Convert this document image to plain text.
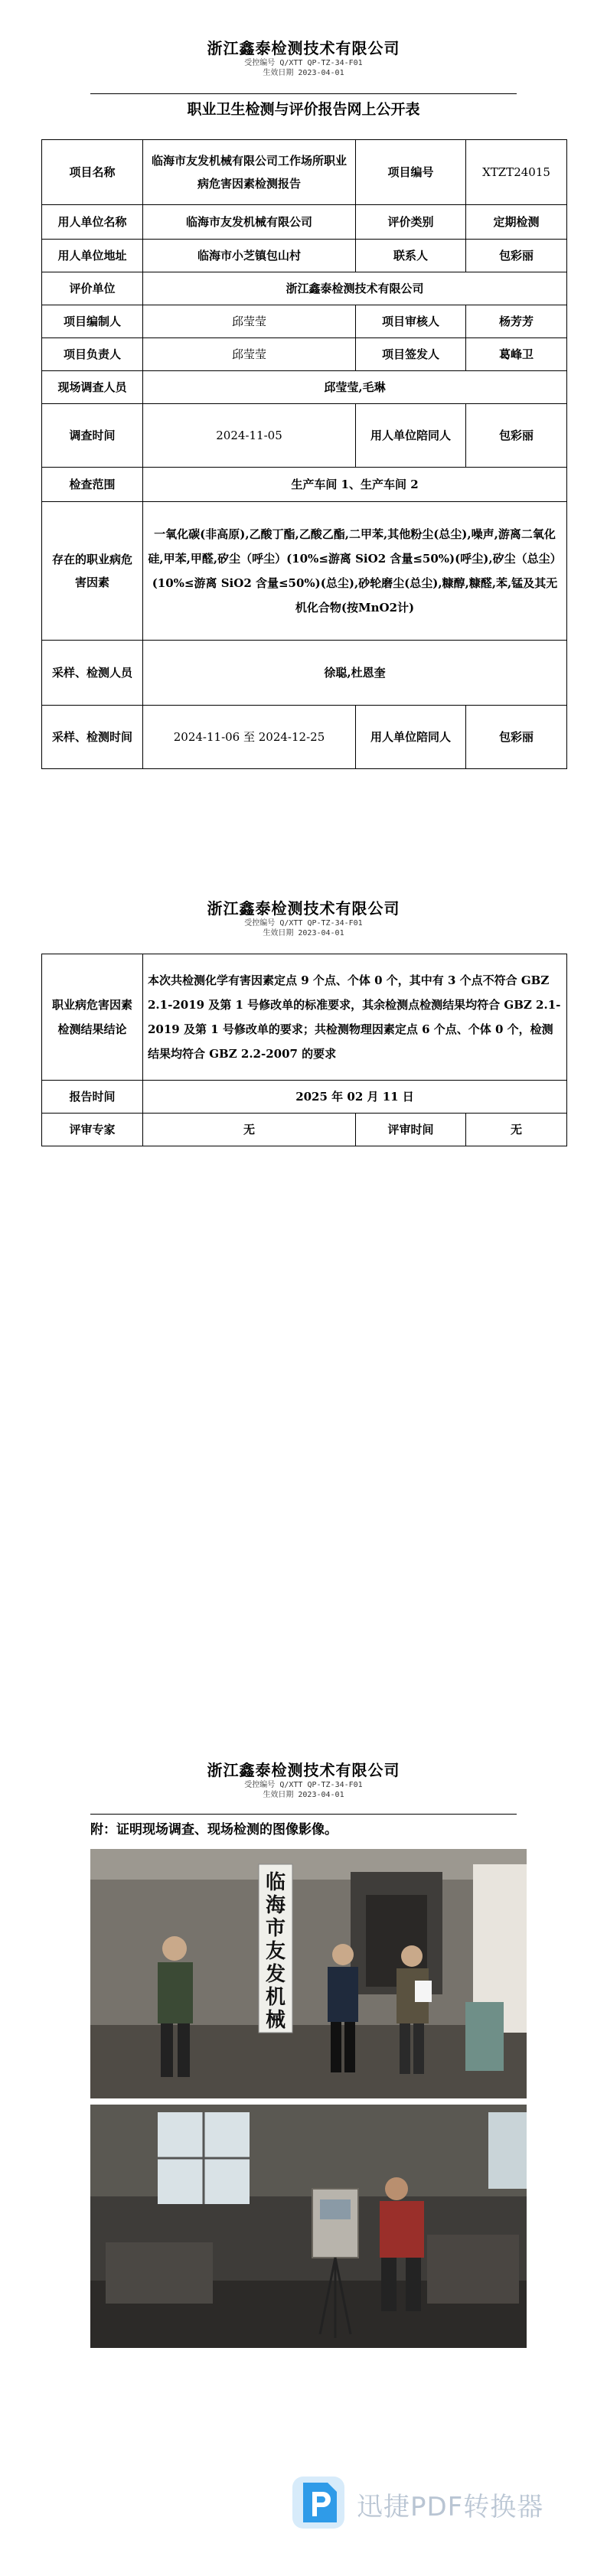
浙江鑫泰检测技术有限公司
受控编号 Q/XTT QP-TZ-34-F01
生效日期 2023-04-01
职业卫生检测与评价报告网上公开表
项目名称	临海市友发机械有限公司工作场所职业病危害因素检测报告	项目编号	XTZT24015
用人单位名称	临海市友发机械有限公司	评价类别	定期检测
用人单位地址	临海市小芝镇包山村	联系人	包彩丽
评价单位	浙江鑫泰检测技术有限公司		
项目编制人	邱莹莹	项目审核人	杨芳芳
项目负责人	邱莹莹	项目签发人	葛峰卫
现场调查人员	邱莹莹,毛琳		
调查时间	2024-11-05	用人单位陪同人	包彩丽
检查范围	生产车间 1、生产车间 2		
存在的职业病危害因素	一氧化碳(非高原),乙酸丁酯,乙酸乙酯,二甲苯,其他粉尘(总尘),噪声,游离二氧化硅,甲苯,甲醛,矽尘（呼尘）(10%≤游离 SiO2 含量≤50%)(呼尘),矽尘（总尘）(10%≤游离 SiO2 含量≤50%)(总尘),砂轮磨尘(总尘),糠醇,糠醛,苯,锰及其无机化合物(按MnO2计)		
采样、检测人员	徐聪,杜恩奎		
采样、检测时间	2024-11-06 至 2024-12-25	用人单位陪同人	包彩丽
浙江鑫泰检测技术有限公司
受控编号 Q/XTT QP-TZ-34-F01
生效日期 2023-04-01
职业病危害因素检测结果结论	本次共检测化学有害因素定点 9 个点、个体 0 个，其中有 3 个点不符合 GBZ 2.1-2019 及第 1 号修改单的标准要求，其余检测点检测结果均符合 GBZ 2.1-2019 及第 1 号修改单的要求；共检测物理因素定点 6 个点、个体 0 个，检测结果均符合 GBZ 2.2-2007 的要求		
报告时间	2025 年 02 月 11 日		
评审专家	无	评审时间	无
浙江鑫泰检测技术有限公司
受控编号 Q/XTT QP-TZ-34-F01
生效日期 2023-04-01
附：证明现场调查、现场检测的图像影像。
临
海
市
友
发
机
械
迅捷PDF转换器
